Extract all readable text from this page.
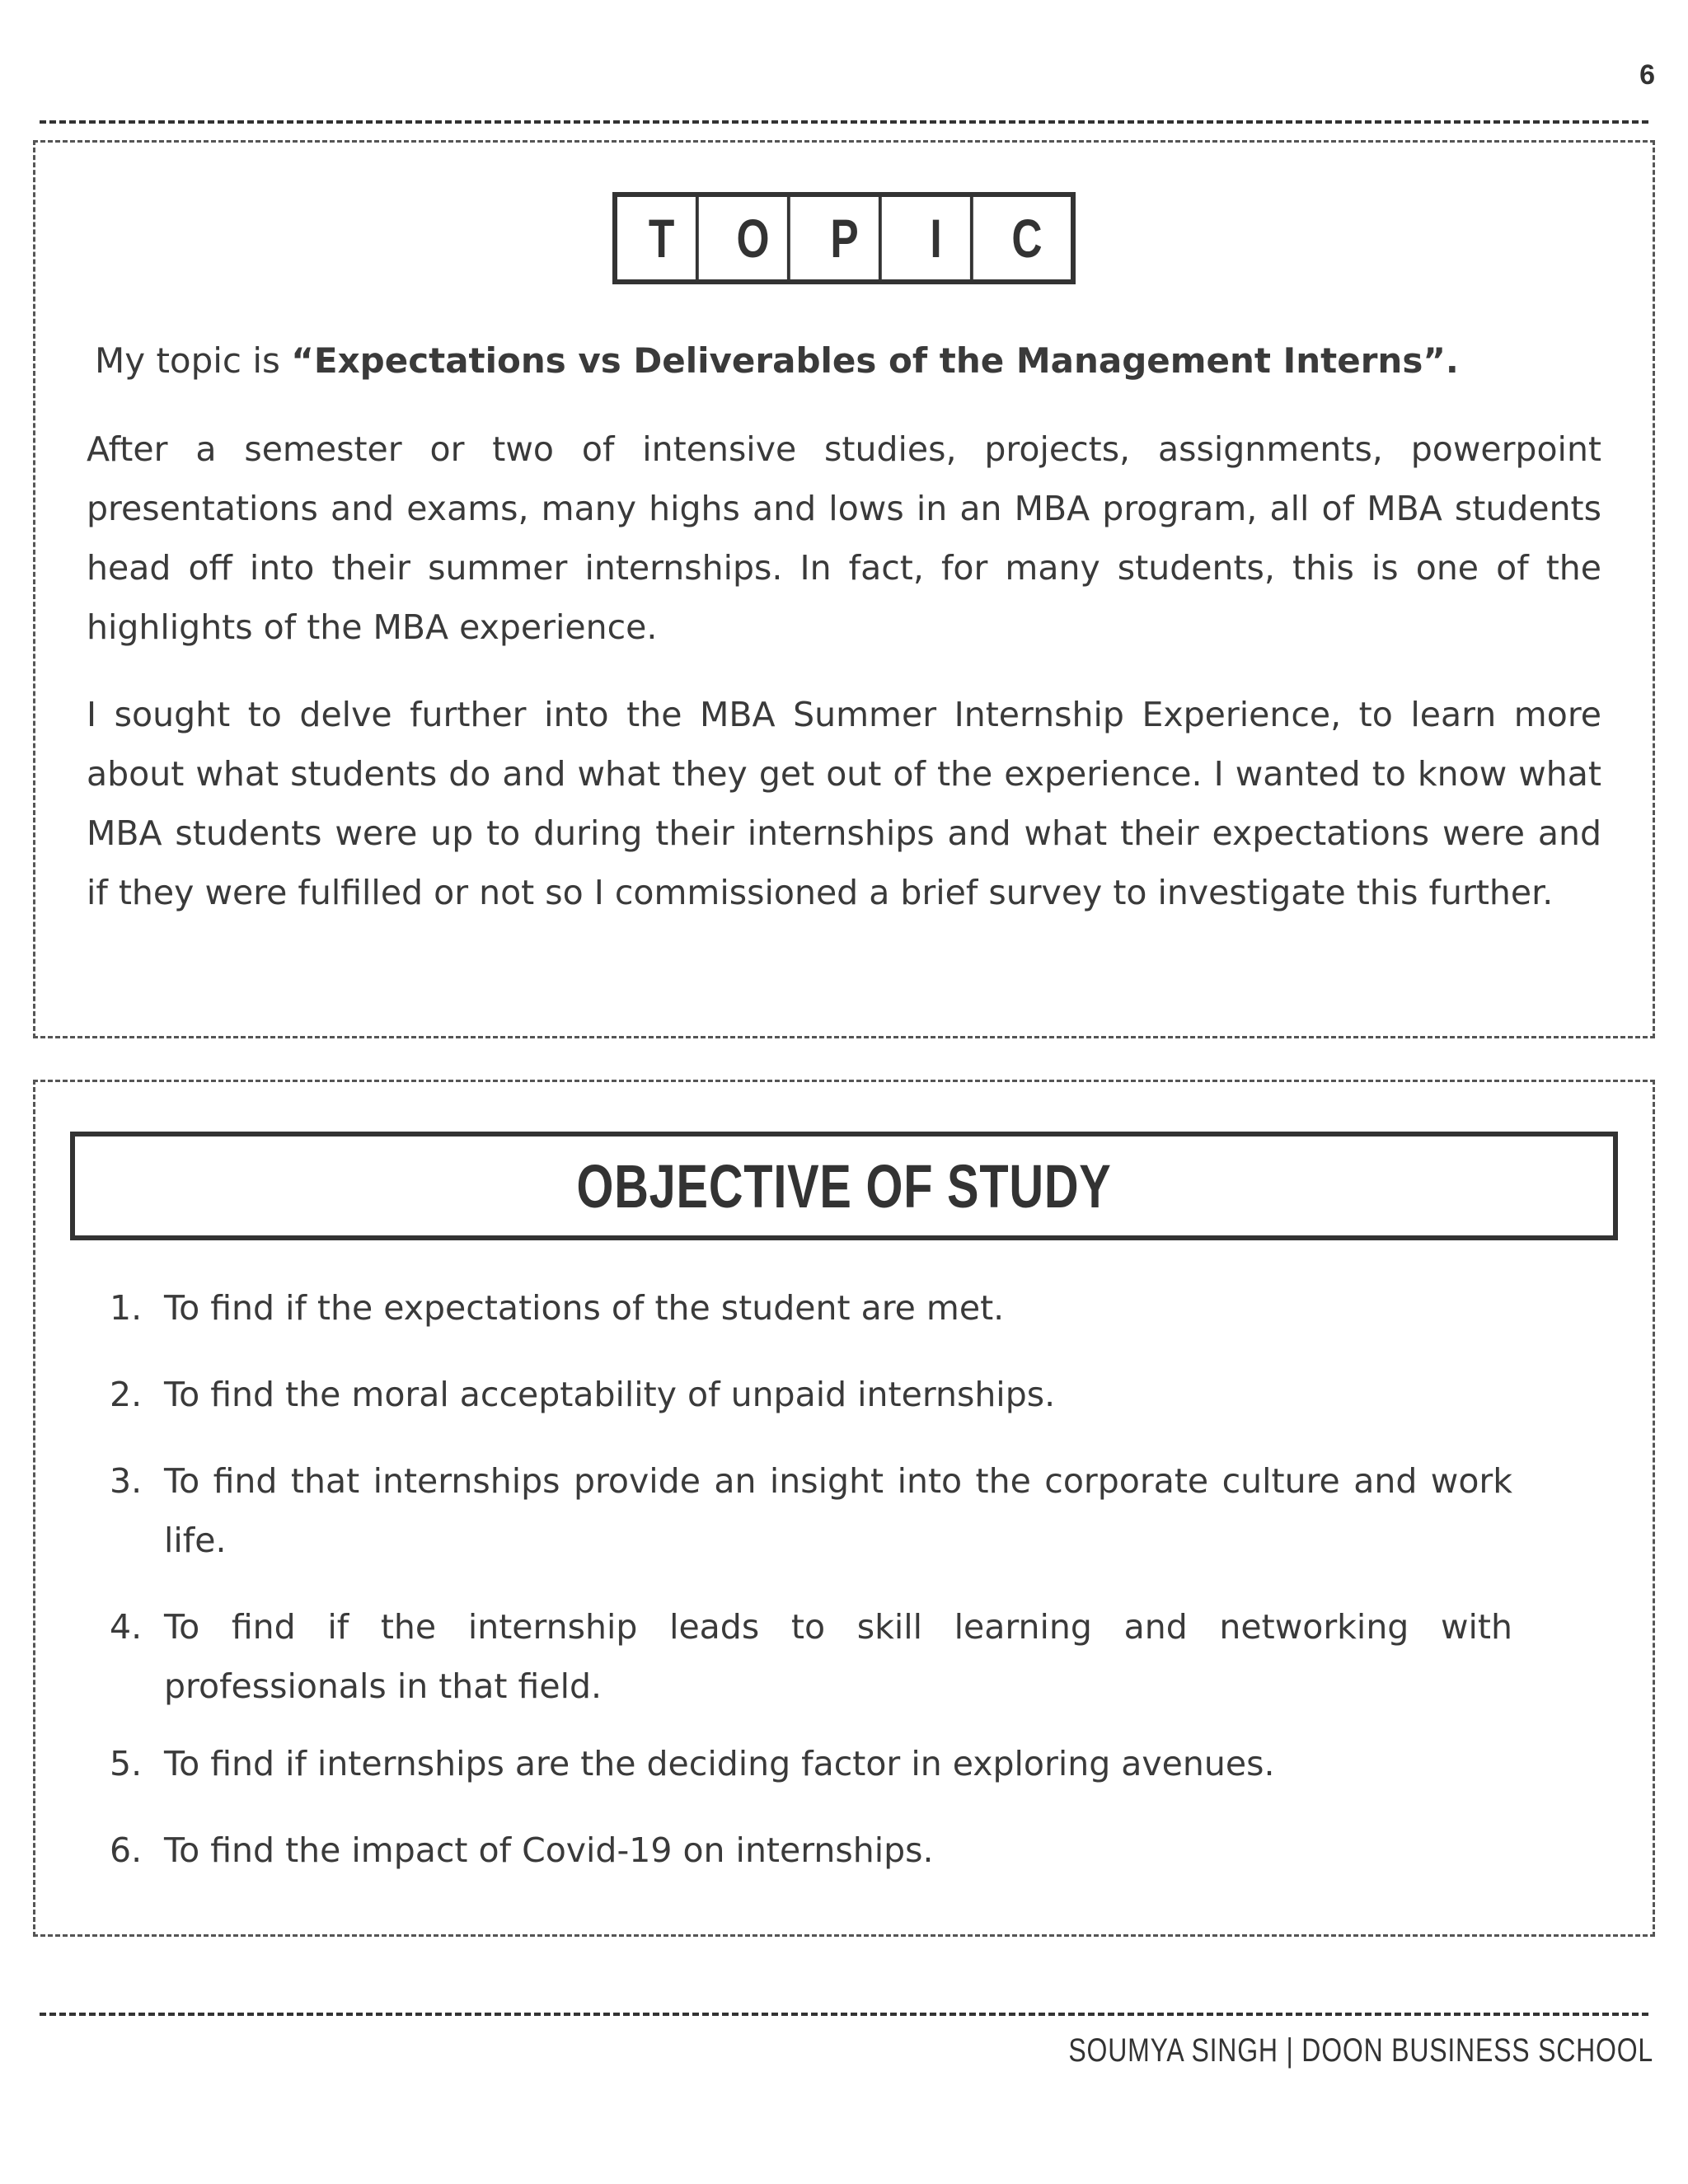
6
T	O	P	I	C
My topic is “Expectations vs Deliverables of the Management Interns”.

After a semester or two of intensive studies, projects, assignments, powerpoint presentations and exams, many highs and lows in an MBA program, all of MBA students head off into their summer internships. In fact, for many students, this is one of the highlights of the MBA experience.

I sought to delve further into the MBA Summer Internship Experience, to learn more about what students do and what they get out of the experience. I wanted to know what MBA students were up to during their internships and what their expectations were and if they were fulfilled or not so I commissioned a brief survey to investigate this further.

OBJECTIVE OF STUDY
1. To find if the expectations of the student are met.
2. To find the moral acceptability of unpaid internships.
3. To find that internships provide an insight into the corporate culture and work life.
4. To find if the internship leads to skill learning and networking with professionals in that field.
5. To find if internships are the deciding factor in exploring avenues.
6. To find the impact of Covid-19 on internships.
SOUMYA SINGH | DOON BUSINESS SCHOOL
